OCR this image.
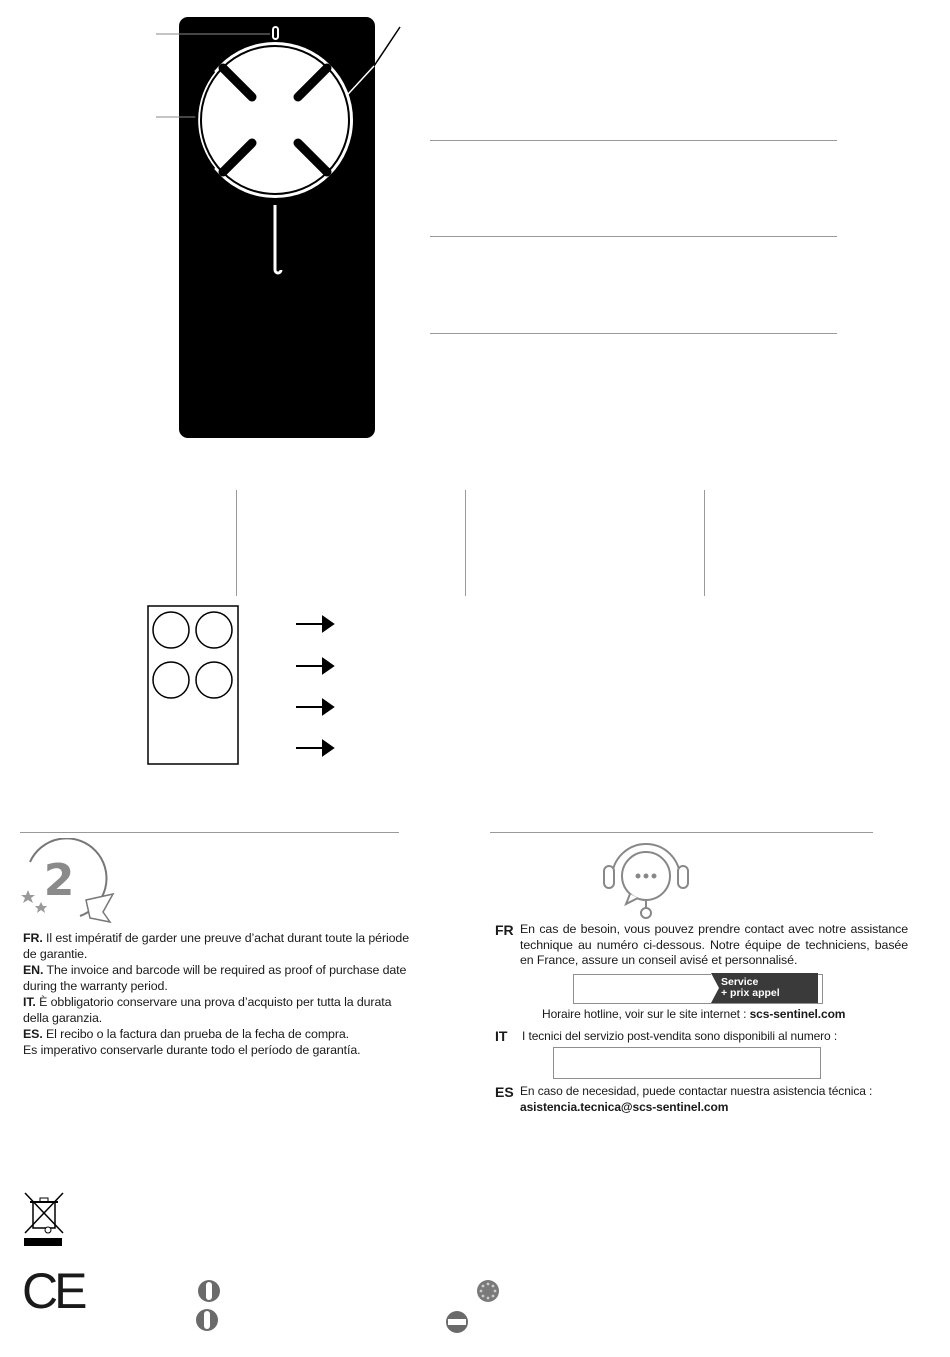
2

FR. Il est impératif de garder une preuve d’achat durant toute la période de garantie.

EN. The invoice and barcode will be required as proof of purchase date during the warranty period.

IT. È obbligatorio conservare una prova d’acquisto per tutta la durata della garanzia.

ES. El recibo o la factura dan prueba de la fecha de compra.

Es imperativo conservarle durante todo el período de garantía.

FR En cas de besoin, vous pouvez prendre contact avec notre assistance technique au numéro ci-dessous. Notre équipe de techniciens, basée en France, assure un conseil avisé et personnalisé.
Service
+ prix appel
Horaire hotline, voir sur le site internet : scs-sentinel.com
IT I tecnici del servizio post-vendita sono disponibili al numero :
ES En caso de necesidad, puede contactar nuestra asistencia técnica :
asistencia.tecnica@scs-sentinel.com
CE
